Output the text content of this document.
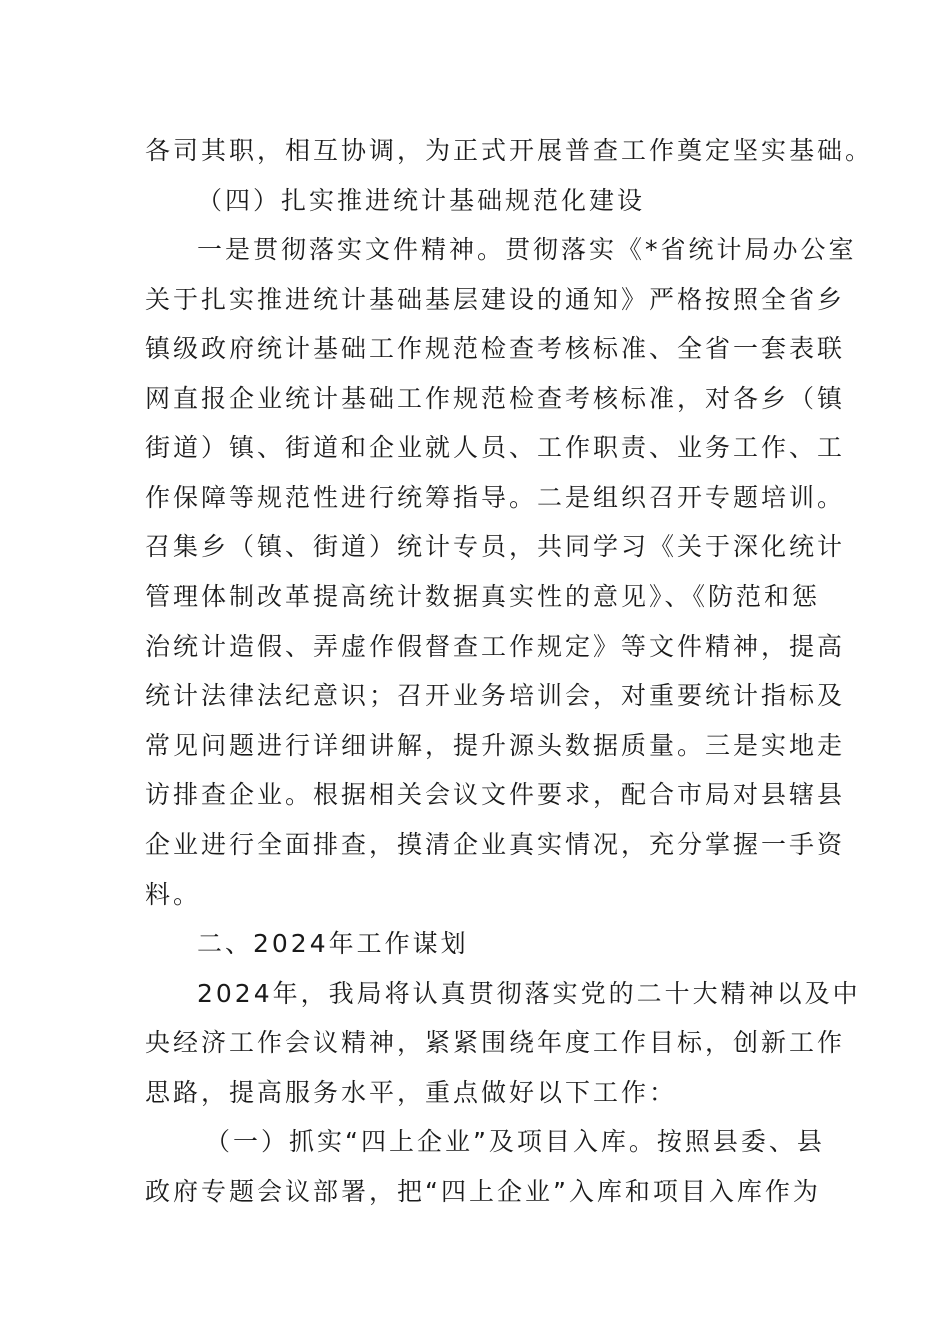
各司其职，相互协调，为正式开展普查工作奠定坚实基础。
（四）扎实推进统计基础规范化建设
一是贯彻落实文件精神。贯彻落实《*省统计局办公室
关于扎实推进统计基础基层建设的通知》严格按照全省乡
镇级政府统计基础工作规范检查考核标准、全省一套表联
网直报企业统计基础工作规范检查考核标准，对各乡（镇
街道）镇、街道和企业就人员、工作职责、业务工作、工
作保障等规范性进行统筹指导。二是组织召开专题培训。
召集乡（镇、街道）统计专员，共同学习《关于深化统计
管理体制改革提高统计数据真实性的意见》、《防范和惩
治统计造假、弄虚作假督查工作规定》等文件精神，提高
统计法律法纪意识；召开业务培训会，对重要统计指标及
常见问题进行详细讲解，提升源头数据质量。三是实地走
访排查企业。根据相关会议文件要求，配合市局对县辖县
企业进行全面排查，摸清企业真实情况，充分掌握一手资
料。
二、2024年工作谋划
2024年，我局将认真贯彻落实党的二十大精神以及中
央经济工作会议精神，紧紧围绕年度工作目标，创新工作
思路，提高服务水平，重点做好以下工作：
（一）抓实“四上企业”及项目入库。按照县委、县
政府专题会议部署，把“四上企业”入库和项目入库作为
